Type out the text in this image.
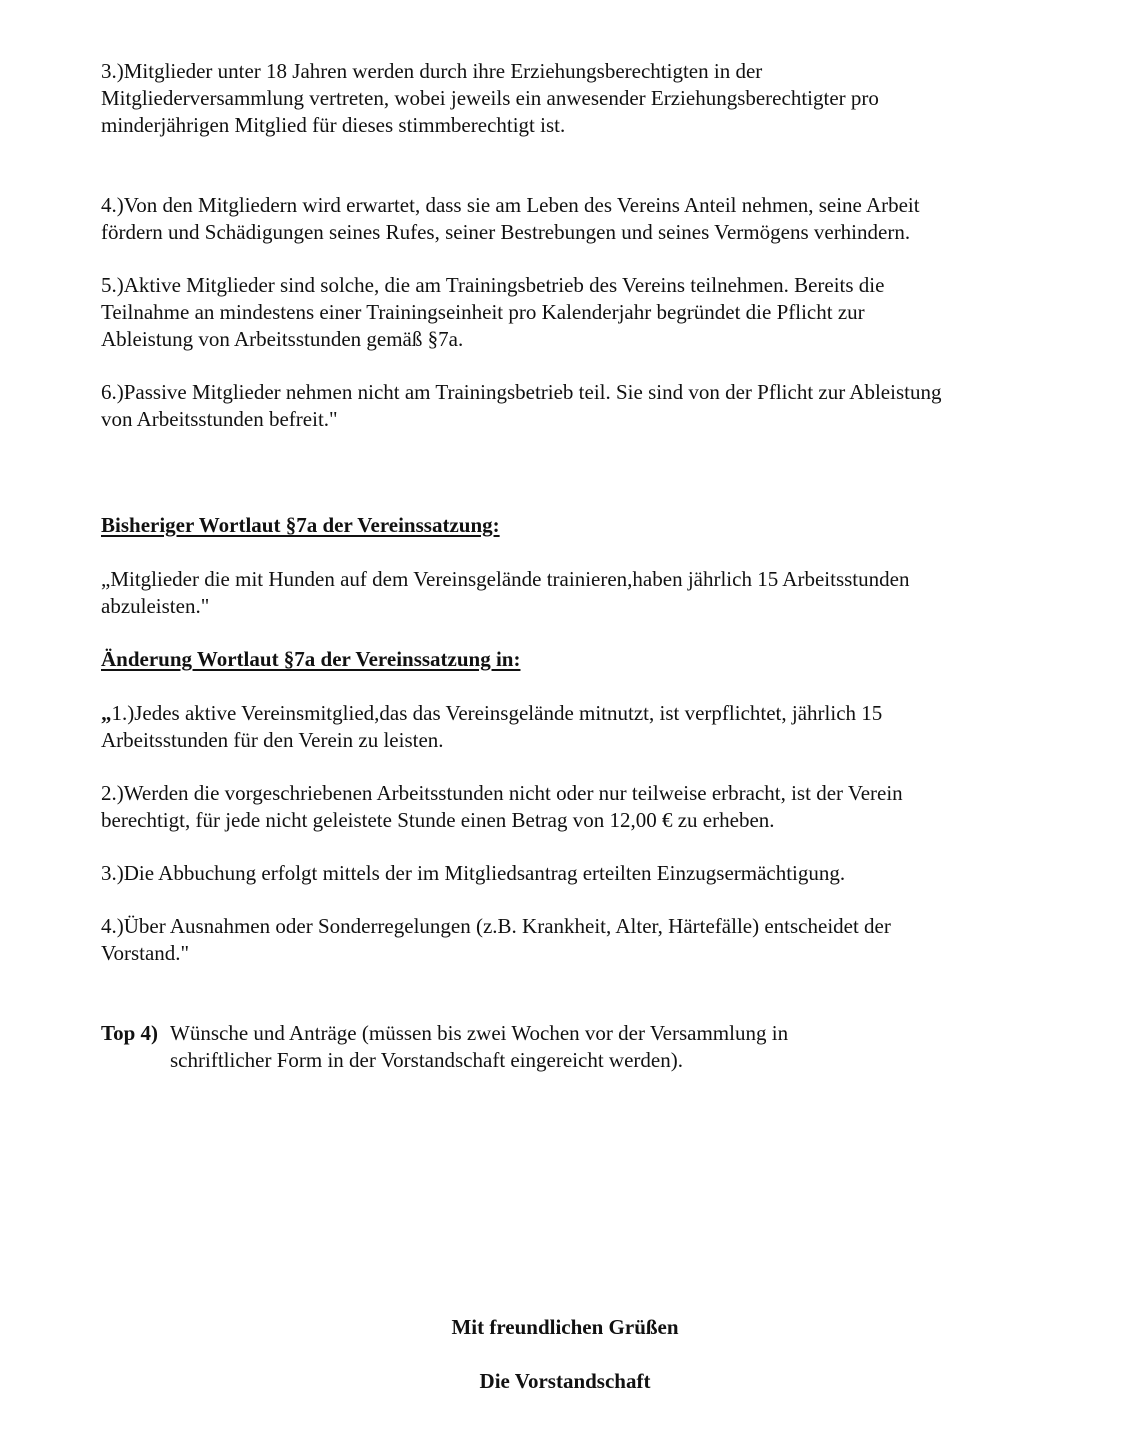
3.)Mitglieder unter 18 Jahren werden durch ihre Erziehungsberechtigten in der
Mitgliederversammlung vertreten, wobei jeweils ein anwesender Erziehungsberechtigter pro
minderjährigen Mitglied für dieses stimmberechtigt ist.

4.)Von den Mitgliedern wird erwartet, dass sie am Leben des Vereins Anteil nehmen, seine Arbeit
fördern und Schädigungen seines Rufes, seiner Bestrebungen und seines Vermögens verhindern.

5.)Aktive Mitglieder sind solche, die am Trainingsbetrieb des Vereins teilnehmen. Bereits die
Teilnahme an mindestens einer Trainingseinheit pro Kalenderjahr begründet die Pflicht zur
Ableistung von Arbeitsstunden gemäß §7a.

6.)Passive Mitglieder nehmen nicht am Trainingsbetrieb teil. Sie sind von der Pflicht zur Ableistung
von Arbeitsstunden befreit."

Bisheriger Wortlaut §7a der Vereinssatzung:

„Mitglieder die mit Hunden auf dem Vereinsgelände trainieren,haben jährlich 15 Arbeitsstunden
abzuleisten."

Änderung Wortlaut §7a der Vereinssatzung in:

„1.)Jedes aktive Vereinsmitglied,das das Vereinsgelände mitnutzt, ist verpflichtet, jährlich 15
Arbeitsstunden für den Verein zu leisten.

2.)Werden die vorgeschriebenen Arbeitsstunden nicht oder nur teilweise erbracht, ist der Verein
berechtigt, für jede nicht geleistete Stunde einen Betrag von 12,00 € zu erheben.

3.)Die Abbuchung erfolgt mittels der im Mitgliedsantrag erteilten Einzugsermächtigung.

4.)Über Ausnahmen oder Sonderregelungen (z.B. Krankheit, Alter, Härtefälle) entscheidet der
Vorstand."

Top 4) Wünsche und Anträge (müssen bis zwei Wochen vor der Versammlung in
schriftlicher Form in der Vorstandschaft eingereicht werden).

Mit freundlichen Grüßen
Die Vorstandschaft
